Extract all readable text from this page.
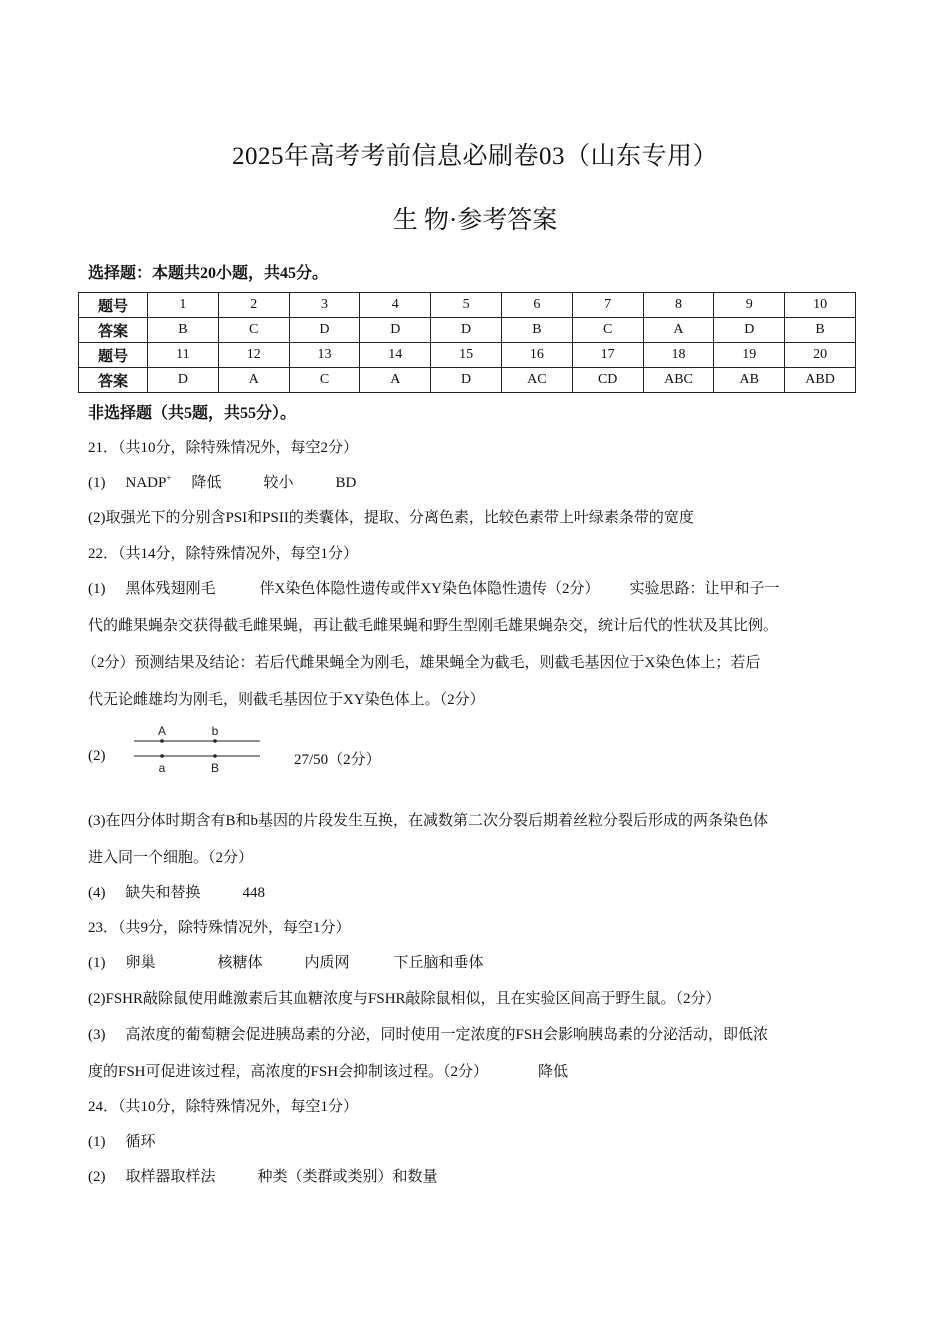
2025年高考考前信息必刷卷03（山东专用）
生 物·参考答案
选择题：本题共20小题，共45分。
题号	1	2	3	4	5	6	7	8	9	10
答案	B	C	D	D	D	B	C	A	D	B
题号	11	12	13	14	15	16	17	18	19	20
答案	D	A	C	A	D	AC	CD	ABC	AB	ABD
非选择题（共5题，共55分）。
21．（共10分，除特殊情况外，每空2分）
(1) NADP+ 降低	较小	BD
(2)取强光下的分别含PSI和PSII的类囊体，提取、分离色素，比较色素带上叶绿素条带的宽度
22．（共14分，除特殊情况外，每空1分）
(1) 黑体残翅刚毛	伴X染色体隐性遗传或伴XY染色体隐性遗传（2分） 实验思路：让甲和子一
代的雌果蝇杂交获得截毛雌果蝇，再让截毛雌果蝇和野生型刚毛雄果蝇杂交，统计后代的性状及其比例。
（2分）预测结果及结论：若后代雌果蝇全为刚毛，雄果蝇全为截毛，则截毛基因位于X染色体上；若后
代无论雌雄均为刚毛，则截毛基因位于XY染色体上。（2分）
(2)
A	b
a	B	27/50（2分）
(3)在四分体时期含有B和b基因的片段发生互换，在减数第二次分裂后期着丝粒分裂后形成的两条染色体
进入同一个细胞。（2分）
(4) 缺失和替换	448
23．（共9分，除特殊情况外，每空1分）
(1) 卵巢	核糖体	内质网	下丘脑和垂体
(2)FSHR敲除鼠使用雌激素后其血糖浓度与FSHR敲除鼠相似，且在实验区间高于野生鼠。（2分）
(3) 高浓度的葡萄糖会促进胰岛素的分泌，同时使用一定浓度的FSH会影响胰岛素的分泌活动，即低浓
度的FSH可促进该过程，高浓度的FSH会抑制该过程。（2分）	降低
24．（共10分，除特殊情况外，每空1分）
(1) 循环
(2) 取样器取样法	种类（类群或类别）和数量
